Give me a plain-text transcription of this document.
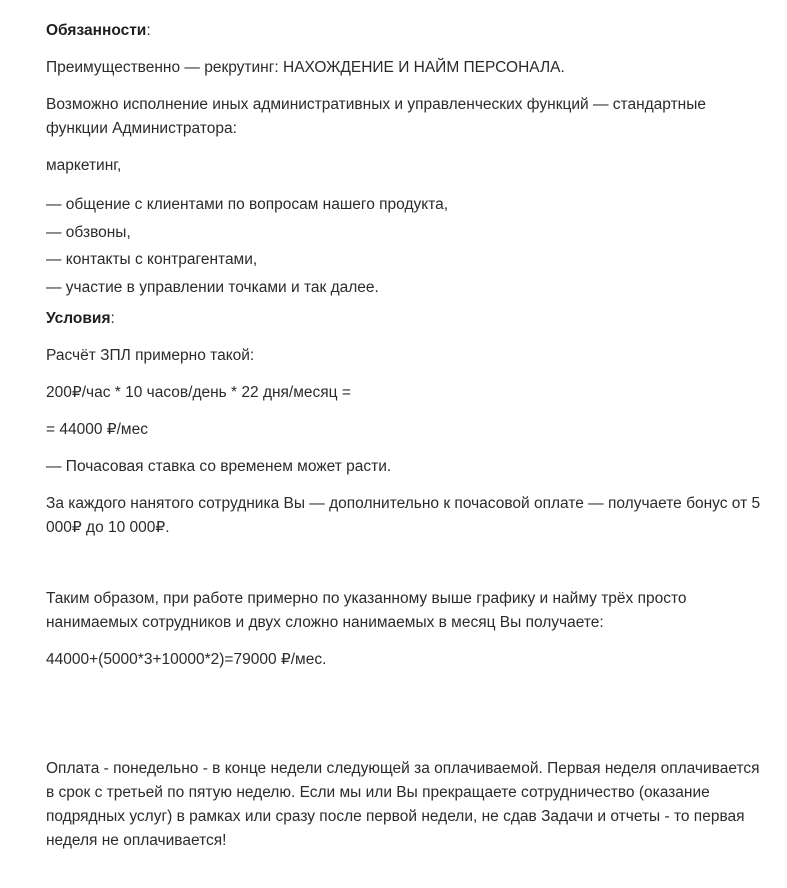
Обязанности:

Преимущественно — рекрутинг: НАХОЖДЕНИЕ И НАЙМ ПЕРСОНАЛА.

Возможно исполнение иных административных и управленческих функций — стандартные функции Администратора:

маркетинг,

— общение с клиентами по вопросам нашего продукта,
— обзвоны,
— контакты с контрагентами,
— участие в управлении точками и так далее.

Условия:

Расчёт ЗПЛ примерно такой:

200₽/час * 10 часов/день * 22 дня/месяц =

= 44000 ₽/мес

— Почасовая ставка со временем может расти.

За каждого нанятого сотрудника Вы — дополнительно к почасовой оплате — получаете бонус от 5 000₽ до 10 000₽.

Таким образом, при работе примерно по указанному выше графику и найму трёх просто нанимаемых сотрудников и двух сложно нанимаемых в месяц Вы получаете:

44000+(5000*3+10000*2)=79000 ₽/мес.

Оплата - понедельно - в конце недели следующей за оплачиваемой. Первая неделя оплачивается в срок с третьей по пятую неделю. Если мы или Вы прекращаете сотрудничество (оказание подрядных услуг) в рамках или сразу после первой недели, не сдав Задачи и отчеты - то первая неделя не оплачивается!
